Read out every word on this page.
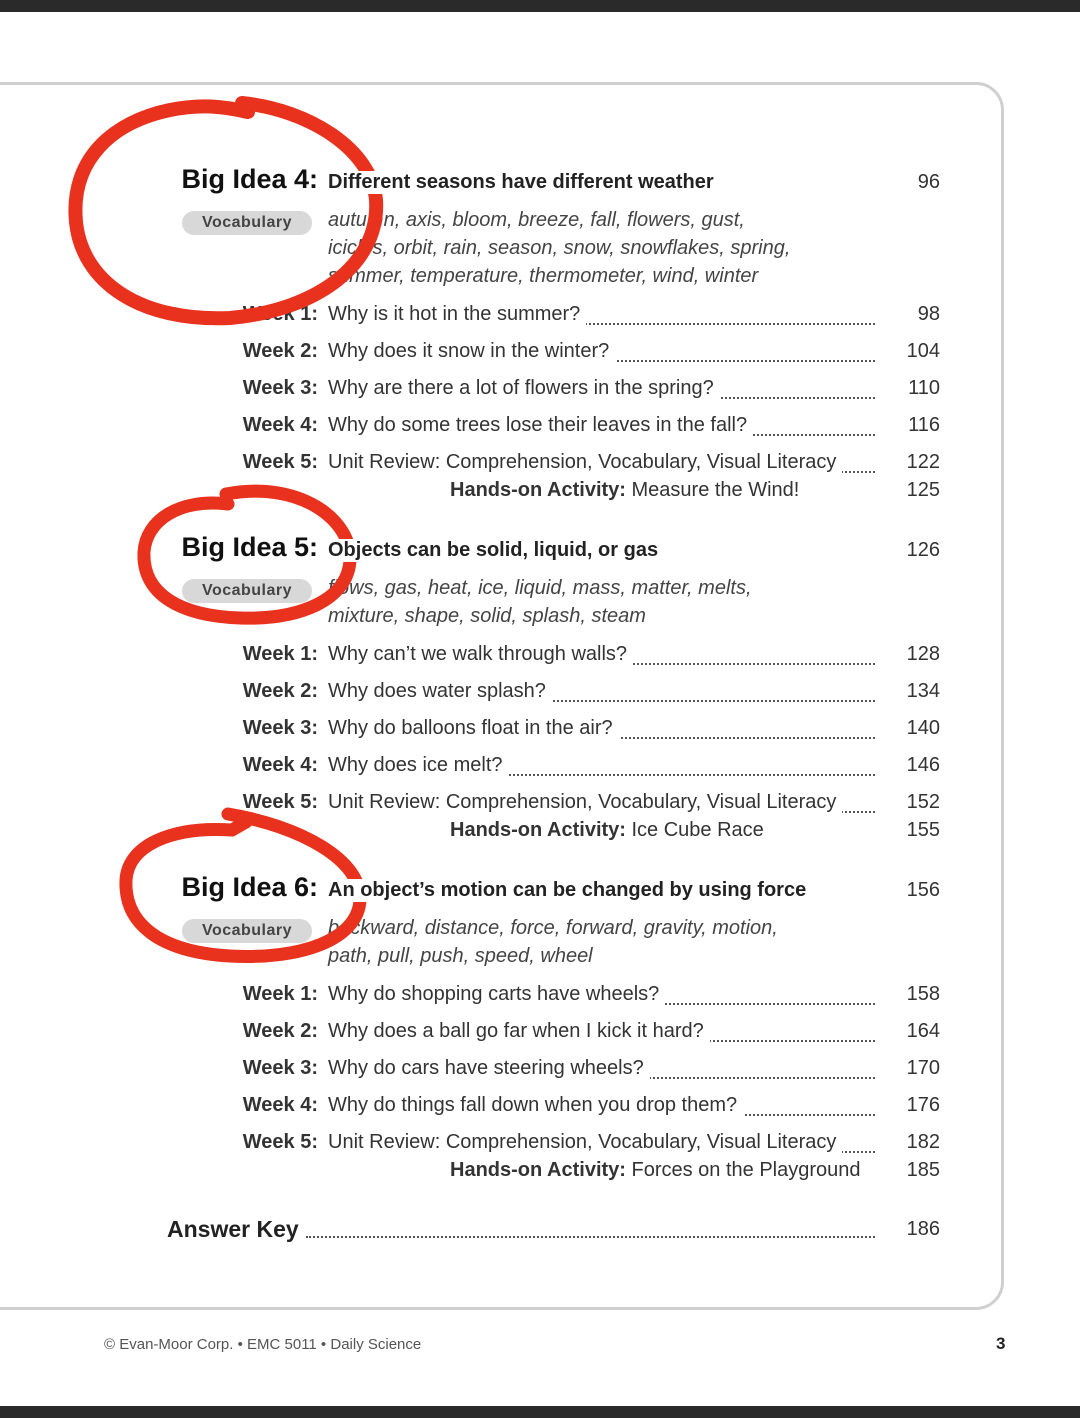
Big Idea 4: Different seasons have different weather	96
Vocabulary	autumn, axis, bloom, breeze, fall, flowers, gust,
icicles, orbit, rain, season, snow, snowflakes, spring,
summer, temperature, thermometer, wind, winter
Week 1: Why is it hot in the summer?	98
Week 2: Why does it snow in the winter?	104
Week 3: Why are there a lot of flowers in the spring?	110
Week 4: Why do some trees lose their leaves in the fall?	116
Week 5: Unit Review: Comprehension, Vocabulary, Visual Literacy	122
Hands-on Activity: Measure the Wind!	125
Big Idea 5: Objects can be solid, liquid, or gas	126
Vocabulary	flows, gas, heat, ice, liquid, mass, matter, melts,
mixture, shape, solid, splash, steam
Week 1: Why can’t we walk through walls?	128
Week 2: Why does water splash?	134
Week 3: Why do balloons float in the air?	140
Week 4: Why does ice melt?	146
Week 5: Unit Review: Comprehension, Vocabulary, Visual Literacy	152
Hands-on Activity: Ice Cube Race	155
Big Idea 6: An object’s motion can be changed by using force	156
Vocabulary	backward, distance, force, forward, gravity, motion,
path, pull, push, speed, wheel
Week 1: Why do shopping carts have wheels?	158
Week 2: Why does a ball go far when I kick it hard?	164
Week 3: Why do cars have steering wheels?	170
Week 4: Why do things fall down when you drop them?	176
Week 5: Unit Review: Comprehension, Vocabulary, Visual Literacy	182
Hands-on Activity: Forces on the Playground	185
Answer Key	186
© Evan-Moor Corp. • EMC 5011 • Daily Science	3
